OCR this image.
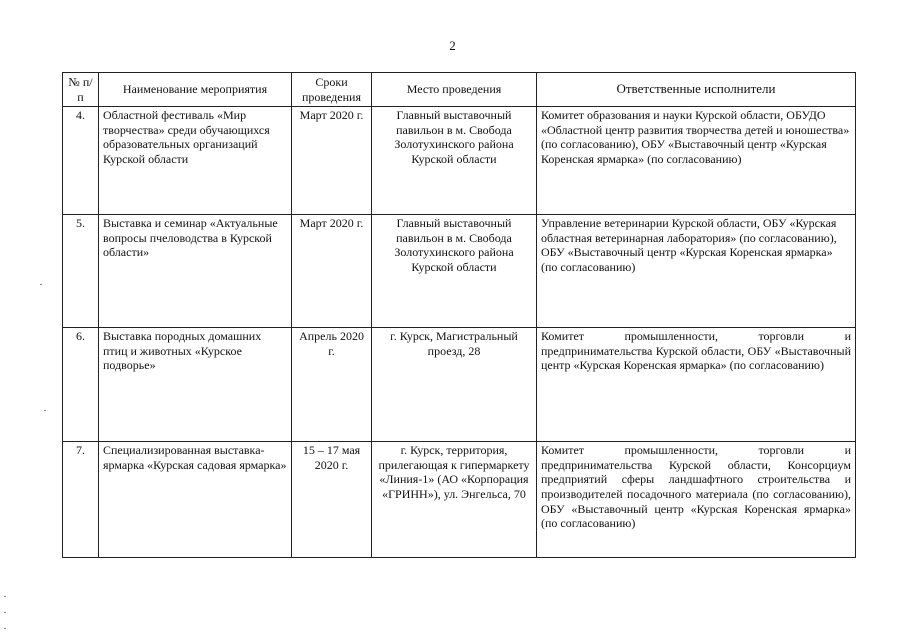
2
№ п/п	Наименование мероприятия	Сроки проведения	Место проведения	Ответственные исполнители
4.	Областной фестиваль «Мир творчества» среди обучающихся образовательных организаций Курской области	Март 2020 г.	Главный выставочный павильон в м. Свобода Золотухинского района Курской области	Комитет образования и науки Курской области, ОБУДО «Областной центр развития творчества детей и юношества» (по согласованию), ОБУ «Выставочный центр «Курская Коренская ярмарка» (по согласованию)
5.	Выставка и семинар «Актуальные вопросы пчеловодства в Курской области»	Март 2020 г.	Главный выставочный павильон в м. Свобода Золотухинского района Курской области	Управление ветеринарии Курской области, ОБУ «Курская областная ветеринарная лаборатория» (по согласованию), ОБУ «Выставочный центр «Курская Коренская ярмарка» (по согласованию)
6.	Выставка породных домашних птиц и животных «Курское подворье»	Апрель 2020 г.	г. Курск, Магистральный проезд, 28	Комитет промышленности, торговли и предпринимательства Курской области, ОБУ «Выставочный центр «Курская Коренская ярмарка» (по согласованию)
7.	Специализированная выставка-ярмарка «Курская садовая ярмарка»	15 – 17 мая 2020 г.	г. Курск, территория, прилегающая к гипермаркету «Линия-1» (АО «Корпорация «ГРИНН»), ул. Энгельса, 70	Комитет промышленности, торговли и предпринимательства Курской области, Консорциум предприятий сферы ландшафтного строительства и производителей посадочного материала (по согласованию), ОБУ «Выставочный центр «Курская Коренская ярмарка» (по согласованию)
